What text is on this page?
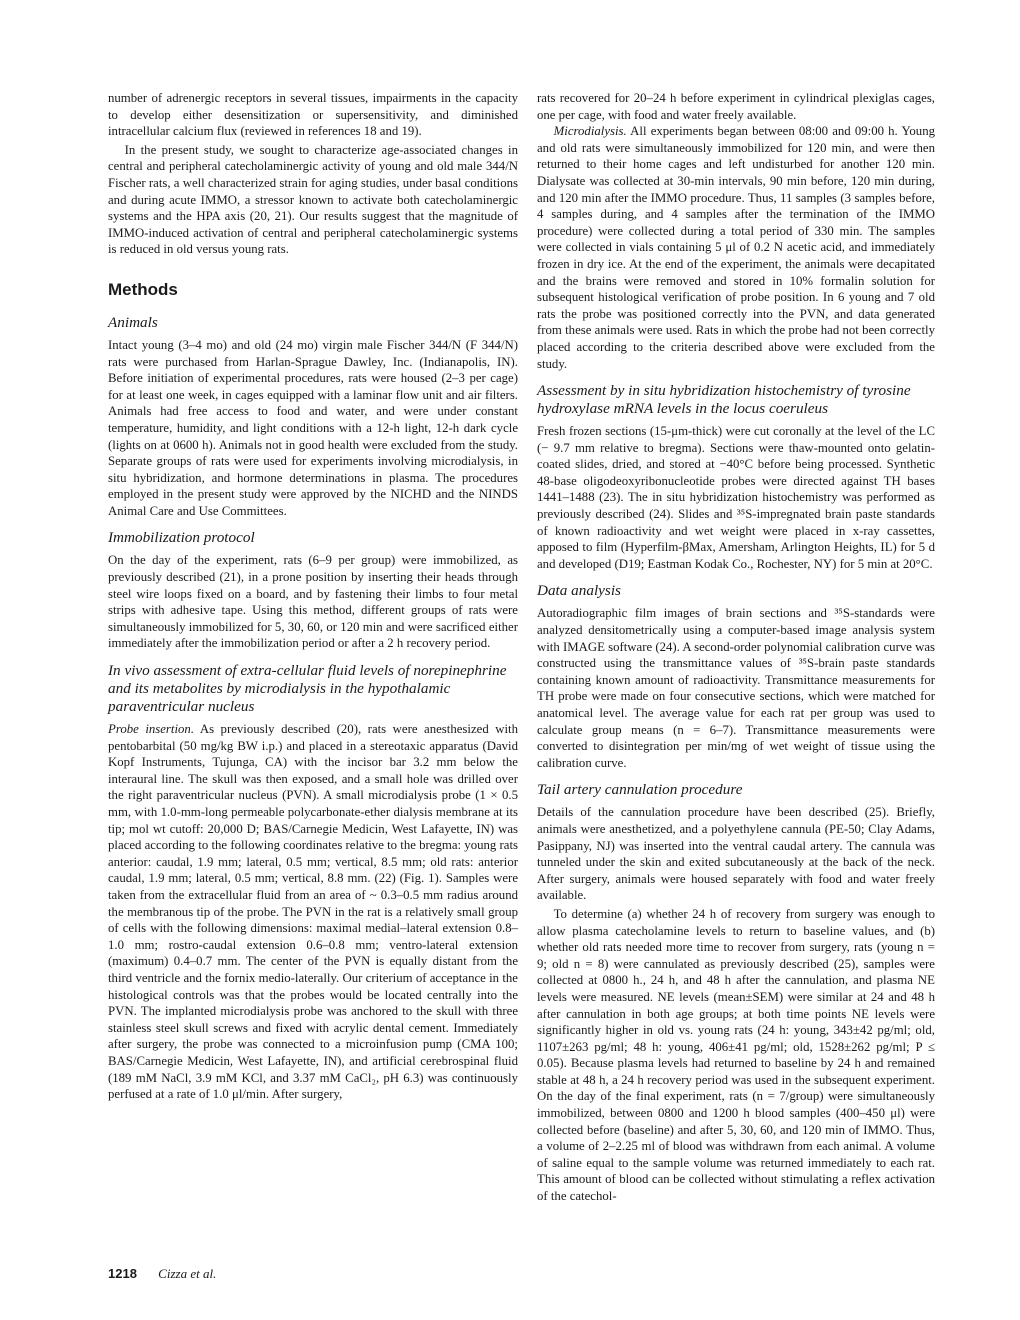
number of adrenergic receptors in several tissues, impairments in the capacity to develop either desensitization or supersensitivity, and diminished intracellular calcium flux (reviewed in references 18 and 19).

In the present study, we sought to characterize age-associated changes in central and peripheral catecholaminergic activity of young and old male 344/N Fischer rats, a well characterized strain for aging studies, under basal conditions and during acute IMMO, a stressor known to activate both catecholaminergic systems and the HPA axis (20, 21). Our results suggest that the magnitude of IMMO-induced activation of central and peripheral catecholaminergic systems is reduced in old versus young rats.

Methods
Animals

Intact young (3–4 mo) and old (24 mo) virgin male Fischer 344/N (F 344/N) rats were purchased from Harlan-Sprague Dawley, Inc. (Indianapolis, IN). Before initiation of experimental procedures, rats were housed (2–3 per cage) for at least one week, in cages equipped with a laminar flow unit and air filters. Animals had free access to food and water, and were under constant temperature, humidity, and light conditions with a 12-h light, 12-h dark cycle (lights on at 0600 h). Animals not in good health were excluded from the study. Separate groups of rats were used for experiments involving microdialysis, in situ hybridization, and hormone determinations in plasma. The procedures employed in the present study were approved by the NICHD and the NINDS Animal Care and Use Committees.

Immobilization protocol

On the day of the experiment, rats (6–9 per group) were immobilized, as previously described (21), in a prone position by inserting their heads through steel wire loops fixed on a board, and by fastening their limbs to four metal strips with adhesive tape. Using this method, different groups of rats were simultaneously immobilized for 5, 30, 60, or 120 min and were sacrificed either immediately after the immobilization period or after a 2 h recovery period.

In vivo assessment of extra-cellular fluid levels of norepinephrine and its metabolites by microdialysis in the hypothalamic paraventricular nucleus

Probe insertion. As previously described (20), rats were anesthesized with pentobarbital (50 mg/kg BW i.p.) and placed in a stereotaxic apparatus (David Kopf Instruments, Tujunga, CA) with the incisor bar 3.2 mm below the interaural line. The skull was then exposed, and a small hole was drilled over the right paraventricular nucleus (PVN). A small microdialysis probe (1 × 0.5 mm, with 1.0-mm-long permeable polycarbonate-ether dialysis membrane at its tip; mol wt cutoff: 20,000 D; BAS/Carnegie Medicin, West Lafayette, IN) was placed according to the following coordinates relative to the bregma: young rats anterior: caudal, 1.9 mm; lateral, 0.5 mm; vertical, 8.5 mm; old rats: anterior caudal, 1.9 mm; lateral, 0.5 mm; vertical, 8.8 mm. (22) (Fig. 1). Samples were taken from the extracellular fluid from an area of ~ 0.3–0.5 mm radius around the membranous tip of the probe. The PVN in the rat is a relatively small group of cells with the following dimensions: maximal medial–lateral extension 0.8–1.0 mm; rostro-caudal extension 0.6–0.8 mm; ventro-lateral extension (maximum) 0.4–0.7 mm. The center of the PVN is equally distant from the third ventricle and the fornix medio-laterally. Our criterium of acceptance in the histological controls was that the probes would be located centrally into the PVN. The implanted microdialysis probe was anchored to the skull with three stainless steel skull screws and fixed with acrylic dental cement. Immediately after surgery, the probe was connected to a microinfusion pump (CMA 100; BAS/Carnegie Medicin, West Lafayette, IN), and artificial cerebrospinal fluid (189 mM NaCl, 3.9 mM KCl, and 3.37 mM CaCl₂, pH 6.3) was continuously perfused at a rate of 1.0 μl/min. After surgery,

rats recovered for 20–24 h before experiment in cylindrical plexiglas cages, one per cage, with food and water freely available.

Microdialysis. All experiments began between 08:00 and 09:00 h. Young and old rats were simultaneously immobilized for 120 min, and were then returned to their home cages and left undisturbed for another 120 min. Dialysate was collected at 30-min intervals, 90 min before, 120 min during, and 120 min after the IMMO procedure. Thus, 11 samples (3 samples before, 4 samples during, and 4 samples after the termination of the IMMO procedure) were collected during a total period of 330 min. The samples were collected in vials containing 5 μl of 0.2 N acetic acid, and immediately frozen in dry ice. At the end of the experiment, the animals were decapitated and the brains were removed and stored in 10% formalin solution for subsequent histological verification of probe position. In 6 young and 7 old rats the probe was positioned correctly into the PVN, and data generated from these animals were used. Rats in which the probe had not been correctly placed according to the criteria described above were excluded from the study.

Assessment by in situ hybridization histochemistry of tyrosine hydroxylase mRNA levels in the locus coeruleus

Fresh frozen sections (15-μm-thick) were cut coronally at the level of the LC (− 9.7 mm relative to bregma). Sections were thaw-mounted onto gelatin-coated slides, dried, and stored at −40°C before being processed. Synthetic 48-base oligodeoxyribonucleotide probes were directed against TH bases 1441–1488 (23). The in situ hybridization histochemistry was performed as previously described (24). Slides and ³⁵S-impregnated brain paste standards of known radioactivity and wet weight were placed in x-ray cassettes, apposed to film (Hyperfilm-βMax, Amersham, Arlington Heights, IL) for 5 d and developed (D19; Eastman Kodak Co., Rochester, NY) for 5 min at 20°C.

Data analysis

Autoradiographic film images of brain sections and ³⁵S-standards were analyzed densitometrically using a computer-based image analysis system with IMAGE software (24). A second-order polynomial calibration curve was constructed using the transmittance values of ³⁵S-brain paste standards containing known amount of radioactivity. Transmittance measurements for TH probe were made on four consecutive sections, which were matched for anatomical level. The average value for each rat per group was used to calculate group means (n = 6–7). Transmittance measurements were converted to disintegration per min/mg of wet weight of tissue using the calibration curve.

Tail artery cannulation procedure

Details of the cannulation procedure have been described (25). Briefly, animals were anesthetized, and a polyethylene cannula (PE-50; Clay Adams, Pasippany, NJ) was inserted into the ventral caudal artery. The cannula was tunneled under the skin and exited subcutaneously at the back of the neck. After surgery, animals were housed separately with food and water freely available.

To determine (a) whether 24 h of recovery from surgery was enough to allow plasma catecholamine levels to return to baseline values, and (b) whether old rats needed more time to recover from surgery, rats (young n = 9; old n = 8) were cannulated as previously described (25), samples were collected at 0800 h., 24 h, and 48 h after the cannulation, and plasma NE levels were measured. NE levels (mean±SEM) were similar at 24 and 48 h after cannulation in both age groups; at both time points NE levels were significantly higher in old vs. young rats (24 h: young, 343±42 pg/ml; old, 1107±263 pg/ml; 48 h: young, 406±41 pg/ml; old, 1528±262 pg/ml; P ≤ 0.05). Because plasma levels had returned to baseline by 24 h and remained stable at 48 h, a 24 h recovery period was used in the subsequent experiment. On the day of the final experiment, rats (n = 7/group) were simultaneously immobilized, between 0800 and 1200 h blood samples (400–450 μl) were collected before (baseline) and after 5, 30, 60, and 120 min of IMMO. Thus, a volume of 2–2.25 ml of blood was withdrawn from each animal. A volume of saline equal to the sample volume was returned immediately to each rat. This amount of blood can be collected without stimulating a reflex activation of the catechol-

1218 Cizza et al.
